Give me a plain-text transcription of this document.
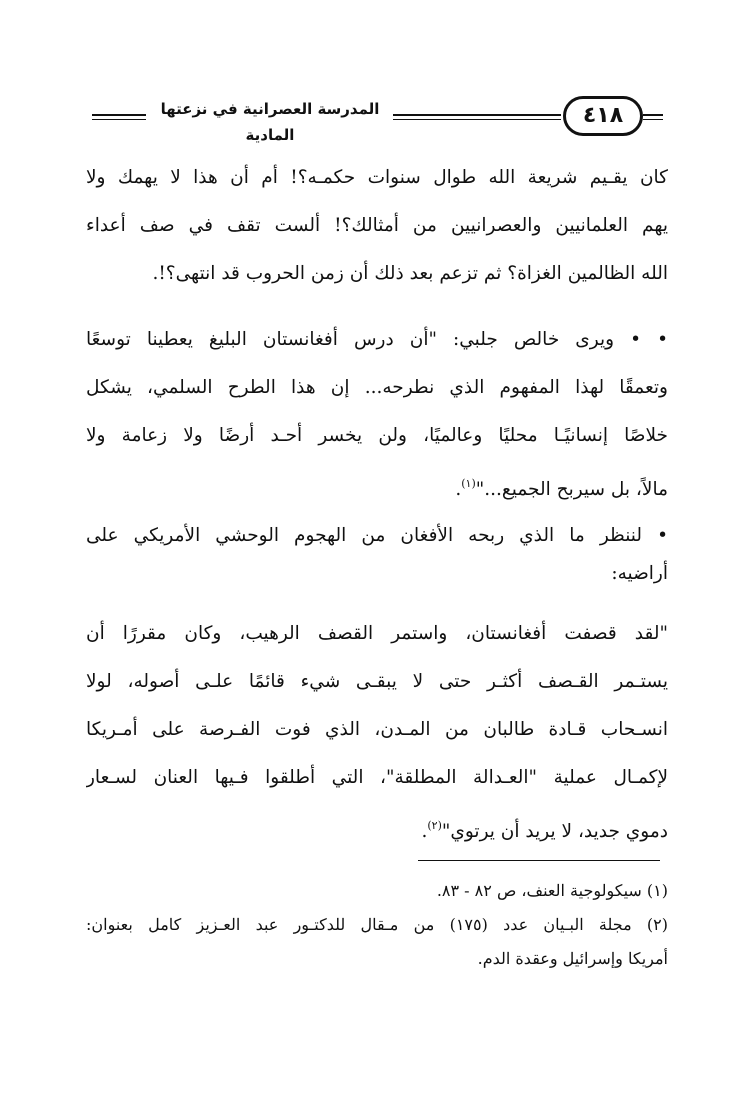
المدرسة العصرانية في نزعتها المادية
٤١٨
كان يقـيم شريعة الله طوال سنوات حكمـه؟! أم أن هذا لا يهمك ولا
يهم العلمانيين والعصرانيين من أمثالك؟! ألست تقف في صف أعداء
الله الظالمين الغزاة؟ ثم تزعم بعد ذلك أن زمن الحروب قد انتهى؟!.
• • ويرى خالص جلبي: "أن درس أفغانستان البليغ يعطينا توسعًا
وتعمقًا لهذا المفهوم الذي نطرحه... إن هذا الطرح السلمي، يشكل
خلاصًا إنسانيًـا محليًا وعالميًا، ولن يخسر أحـد أرضًا ولا زعامة ولا
مالاً، بل سيربح الجميع..."$^{(١)}$.
• لننظر ما الذي ربحه الأفغان من الهجوم الوحشي الأمريكي على
أراضيه:
"لقد قصفت أفغانستان، واستمر القصف الرهيب، وكان مقررًا أن
يستـمر القـصف أكثـر حتى لا يبقـى شيء قائمًا علـى أصوله، لولا
انسـحاب قـادة طالبان من المـدن، الذي فوت الفـرصة على أمـريكا
لإكمـال عملية "العـدالة المطلقة"، التي أطلقوا فـيها العنان لسـعار
دموي جديد، لا يريد أن يرتوي"$^{(٢)}$.
(١) سيكولوجية العنف، ص ٨٢ - ٨٣.
(٢) مجلة البـيان عدد (١٧٥) من مـقال للدكتـور عبد العـزيز كامل بعنوان:
أمريكا وإسرائيل وعقدة الدم.
